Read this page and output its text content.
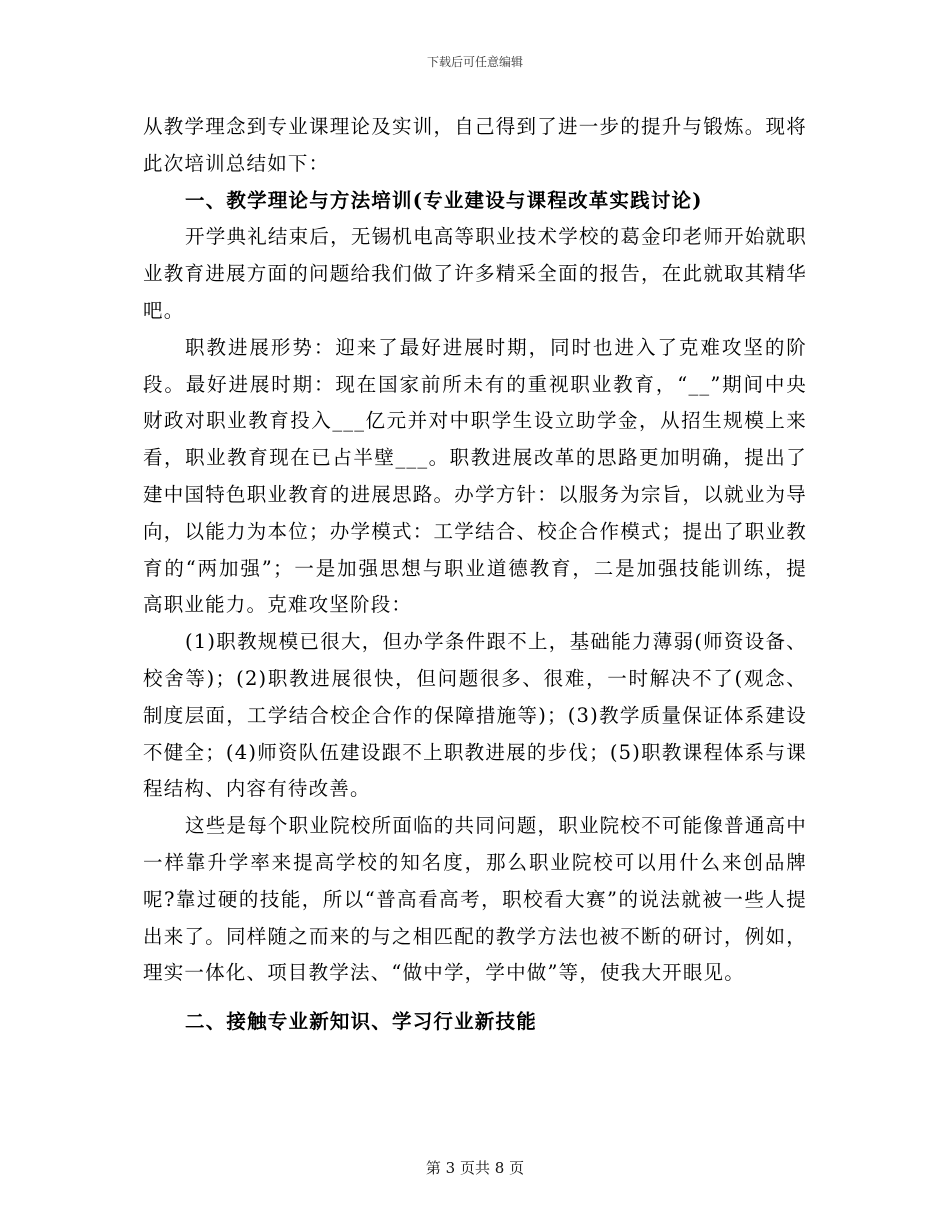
下载后可任意编辑

从教学理念到专业课理论及实训，自己得到了进一步的提升与锻炼。现将此次培训总结如下：

一、教学理论与方法培训(专业建设与课程改革实践讨论)

开学典礼结束后，无锡机电高等职业技术学校的葛金印老师开始就职业教育进展方面的问题给我们做了许多精采全面的报告，在此就取其精华吧。

职教进展形势：迎来了最好进展时期，同时也进入了克难攻坚的阶段。最好进展时期：现在国家前所未有的重视职业教育，“__”期间中央财政对职业教育投入___亿元并对中职学生设立助学金，从招生规模上来看，职业教育现在已占半壁___。职教进展改革的思路更加明确，提出了建中国特色职业教育的进展思路。办学方针：以服务为宗旨，以就业为导向，以能力为本位；办学模式：工学结合、校企合作模式；提出了职业教育的“两加强”；一是加强思想与职业道德教育，二是加强技能训练，提高职业能力。克难攻坚阶段：

(1)职教规模已很大，但办学条件跟不上，基础能力薄弱(师资设备、校舍等)；(2)职教进展很快，但问题很多、很难，一时解决不了(观念、制度层面，工学结合校企合作的保障措施等)；(3)教学质量保证体系建设不健全；(4)师资队伍建设跟不上职教进展的步伐；(5)职教课程体系与课程结构、内容有待改善。

这些是每个职业院校所面临的共同问题，职业院校不可能像普通高中一样靠升学率来提高学校的知名度，那么职业院校可以用什么来创品牌呢?靠过硬的技能，所以“普高看高考，职校看大赛”的说法就被一些人提出来了。同样随之而来的与之相匹配的教学方法也被不断的研讨，例如，理实一体化、项目教学法、“做中学，学中做”等，使我大开眼见。

二、接触专业新知识、学习行业新技能

第 3 页共 8 页
